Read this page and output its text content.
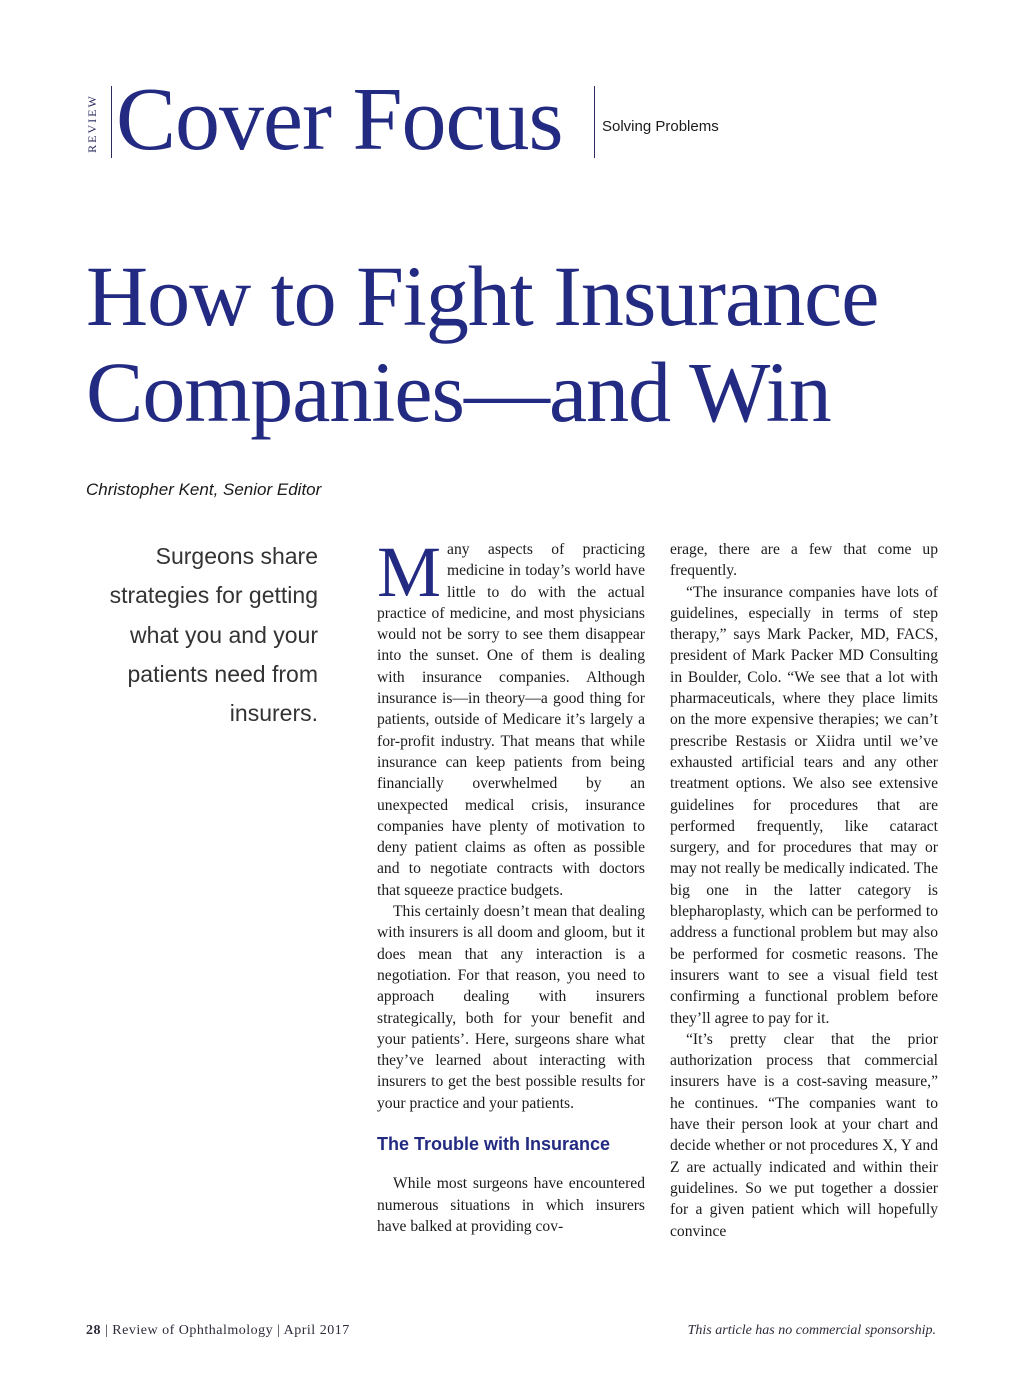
REVIEW Cover Focus	Solving Problems
How to Fight Insurance
Companies—and Win
Christopher Kent, Senior Editor
Surgeons share strategies for getting what you and your patients need from insurers.

Many aspects of practicing medicine in today’s world have little to do with the actual practice of medicine, and most physicians would not be sorry to see them disappear into the sunset. One of them is dealing with insurance companies. Although insurance is—in theory—a good thing for patients, outside of Medicare it’s largely a for-profit industry. That means that while insurance can keep patients from being financially overwhelmed by an unexpected medical crisis, insurance companies have plenty of motivation to deny patient claims as often as possible and to negotiate contracts with doctors that squeeze practice budgets.

This certainly doesn’t mean that dealing with insurers is all doom and gloom, but it does mean that any interaction is a negotiation. For that reason, you need to approach dealing with insurers strategically, both for your benefit and your patients’. Here, surgeons share what they’ve learned about interacting with insurers to get the best possible results for your practice and your patients.

The Trouble with Insurance

While most surgeons have encountered numerous situations in which insurers have balked at providing cov-

erage, there are a few that come up frequently.

“The insurance companies have lots of guidelines, especially in terms of step therapy,” says Mark Packer, MD, FACS, president of Mark Packer MD Consulting in Boulder, Colo. “We see that a lot with pharmaceuticals, where they place limits on the more expensive therapies; we can’t prescribe Restasis or Xiidra until we’ve exhausted artificial tears and any other treatment options. We also see extensive guidelines for procedures that are performed frequently, like cataract surgery, and for procedures that may or may not really be medically indicated. The big one in the latter category is blepharoplasty, which can be performed to address a functional problem but may also be performed for cosmetic reasons. The insurers want to see a visual field test confirming a functional problem before they’ll agree to pay for it.

“It’s pretty clear that the prior authorization process that commercial insurers have is a cost-saving measure,” he continues. “The companies want to have their person look at your chart and decide whether or not procedures X, Y and Z are actually indicated and within their guidelines. So we put together a dossier for a given patient which will hopefully convince

28 | Review of Ophthalmology | April 2017	This article has no commercial sponsorship.
